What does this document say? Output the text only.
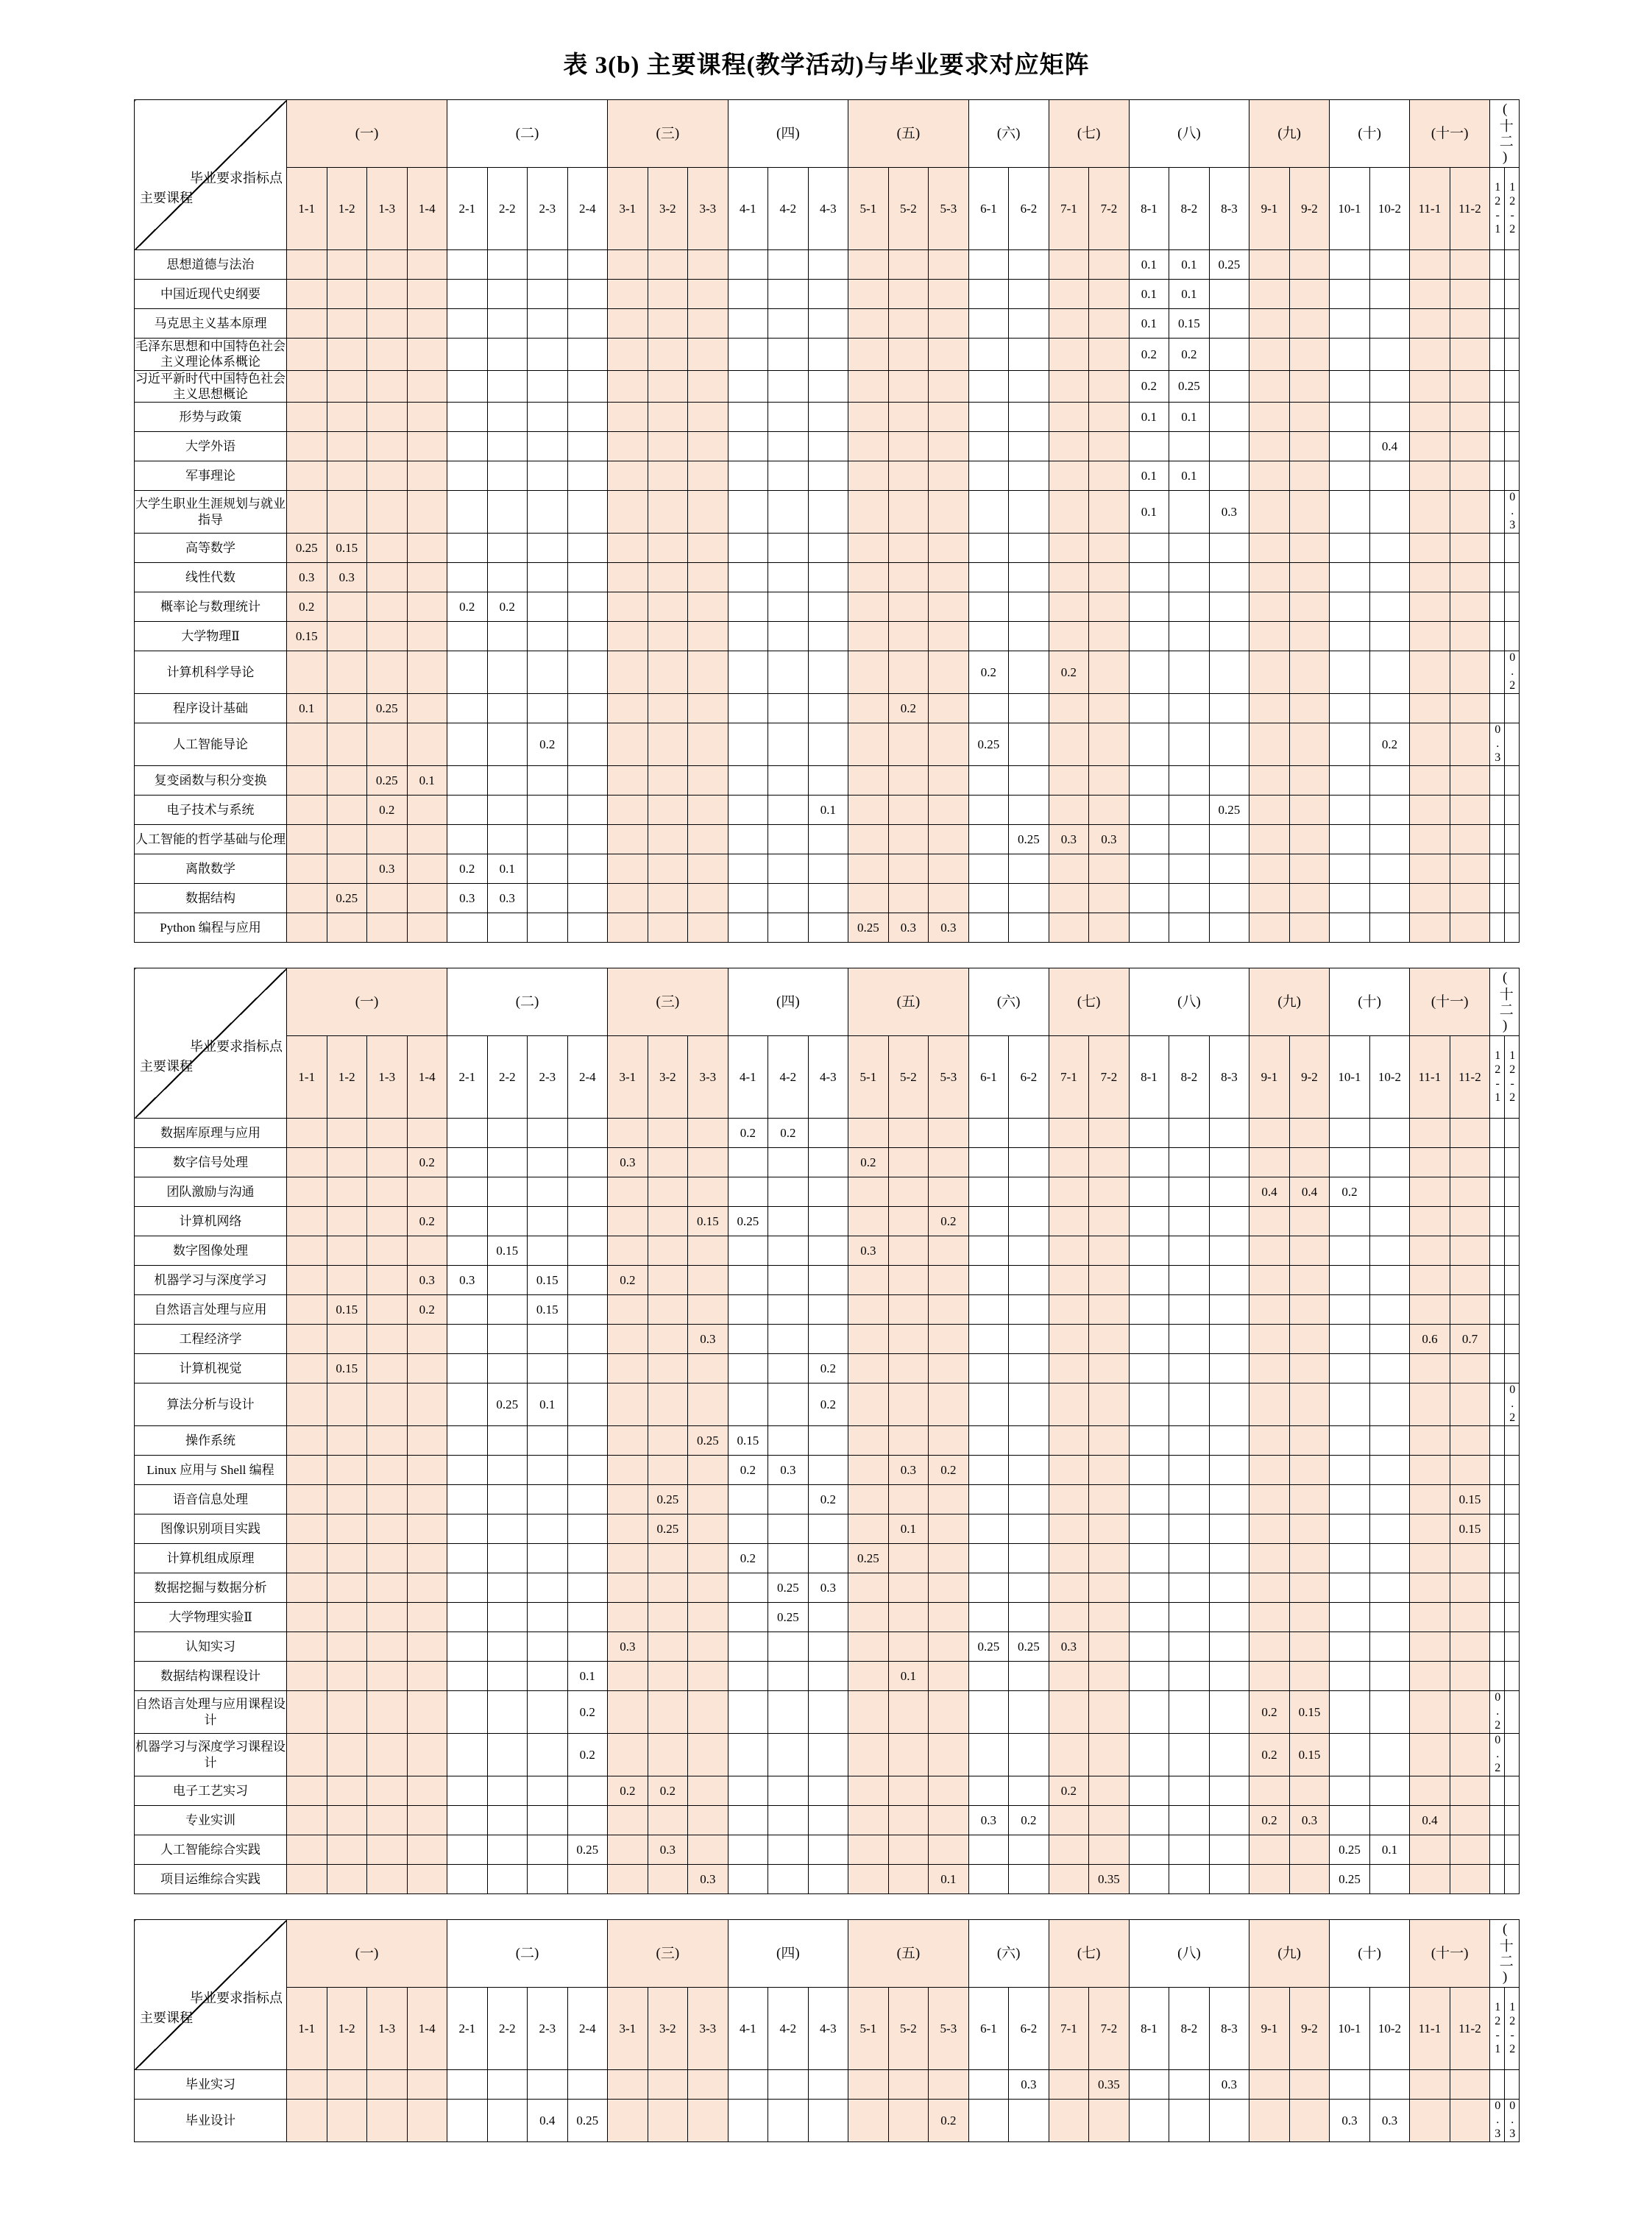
表 3(b) 主要课程(教学活动)与毕业要求对应矩阵
毕业要求指标点
主要课程	(一)				(二)				(三)			(四)			(五)			(六)		(七)		(八)			(九)		(十)		(十一)		(十二)	

	1-1	1-2	1-3	1-4	2-1	2-2	2-3	2-4	3-1	3-2	3-3	4-1	4-2	4-3	5-1	5-2	5-3	6-1	6-2	7-1	7-2	8-1	8-2	8-3	9-1	9-2	10-1	10-2	11-1	11-2	12-1	12-2

思想道德与法治																						0.1	0.1	0.25								

中国近现代史纲要																						0.1	0.1									

马克思主义基本原理																						0.1	0.15									

毛泽东思想和中国特色社会主义理论体系概论																						0.2	0.2									

习近平新时代中国特色社会主义思想概论																						0.2	0.25									

形势与政策																						0.1	0.1									

大学外语																												0.4				

军事理论																						0.1	0.1									

大学生职业生涯规划与就业指导																						0.1		0.3								0.3

高等数学	0.25	0.15																														

线性代数	0.3	0.3																														

概率论与数理统计	0.2				0.2	0.2																										

大学物理Ⅱ	0.15																															

计算机科学导论																		0.2		0.2												0.2

程序设计基础	0.1		0.25													0.2																

人工智能导论							0.2											0.25										0.2			0.3	

复变函数与积分变换			0.25	0.1																												

电子技术与系统			0.2											0.1										0.25								

人工智能的哲学基础与伦理																			0.25	0.3	0.3											

离散数学			0.3		0.2	0.1																										

数据结构		0.25			0.3	0.3																										

Python 编程与应用															0.25	0.3	0.3															

毕业要求指标点
主要课程	(一)				(二)				(三)			(四)			(五)			(六)		(七)		(八)			(九)		(十)		(十一)		(十二)	

	1-1	1-2	1-3	1-4	2-1	2-2	2-3	2-4	3-1	3-2	3-3	4-1	4-2	4-3	5-1	5-2	5-3	6-1	6-2	7-1	7-2	8-1	8-2	8-3	9-1	9-2	10-1	10-2	11-1	11-2	12-1	12-2

数据库原理与应用												0.2	0.2																			

数字信号处理				0.2					0.3						0.2																	

团队激励与沟通																									0.4	0.4	0.2					

计算机网络				0.2							0.15	0.25					0.2															

数字图像处理						0.15									0.3																	

机器学习与深度学习				0.3	0.3		0.15		0.2																							

自然语言处理与应用		0.15		0.2			0.15																									

工程经济学											0.3																		0.6	0.7		

计算机视觉		0.15												0.2																		

算法分析与设计						0.25	0.1							0.2																		0.2

操作系统											0.25	0.15																				

Linux 应用与 Shell 编程												0.2	0.3			0.3	0.2															

语音信息处理										0.25				0.2																0.15		

图像识别项目实践										0.25						0.1														0.15		

计算机组成原理												0.2			0.25																	

数据挖掘与数据分析													0.25	0.3																		

大学物理实验Ⅱ													0.25																			

认知实习									0.3									0.25	0.25	0.3												

数据结构课程设计								0.1								0.1																

自然语言处理与应用课程设计								0.2																	0.2	0.15					0.2	

机器学习与深度学习课程设计								0.2																	0.2	0.15					0.2	

电子工艺实习									0.2	0.2										0.2												

专业实训																		0.3	0.2						0.2	0.3			0.4			

人工智能综合实践								0.25		0.3																	0.25	0.1				

项目运维综合实践											0.3						0.1				0.35						0.25					

毕业要求指标点
主要课程	(一)				(二)				(三)			(四)			(五)			(六)		(七)		(八)			(九)		(十)		(十一)		(十二)	

	1-1	1-2	1-3	1-4	2-1	2-2	2-3	2-4	3-1	3-2	3-3	4-1	4-2	4-3	5-1	5-2	5-3	6-1	6-2	7-1	7-2	8-1	8-2	8-3	9-1	9-2	10-1	10-2	11-1	11-2	12-1	12-2

毕业实习																			0.3		0.35			0.3								

毕业设计							0.4	0.25									0.2										0.3	0.3			0.3	0.3
